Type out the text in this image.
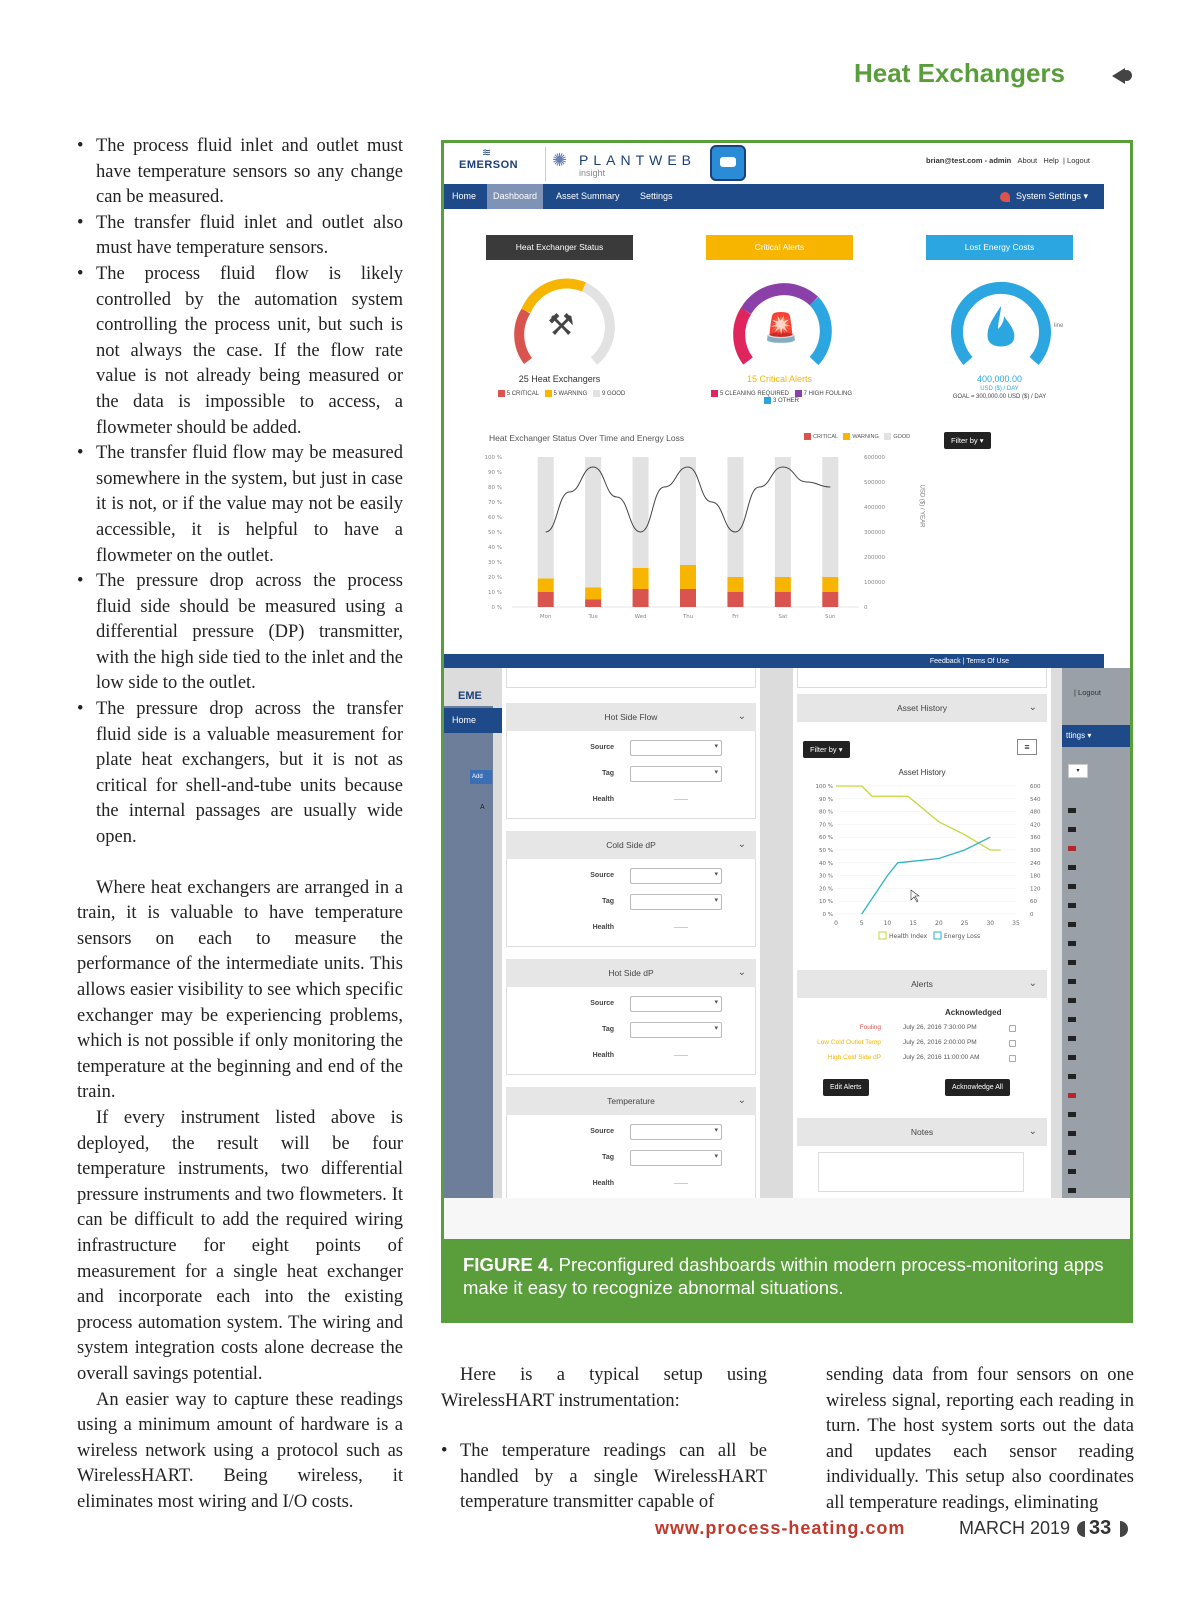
Heat Exchangers
• The process fluid inlet and outlet must have temperature sensors so any change can be measured.
• The transfer fluid inlet and outlet also must have temperature sensors.
• The process fluid flow is likely controlled by the automation system controlling the process unit, but such is not always the case. If the flow rate value is not already being measured or the data is impossible to access, a flowmeter should be added.
• The transfer fluid flow may be measured somewhere in the system, but just in case it is not, or if the value may not be easily accessible, it is helpful to have a flowmeter on the outlet.
• The pressure drop across the process fluid side should be measured using a differential pressure (DP) transmitter, with the high side tied to the inlet and the low side to the outlet.
• The pressure drop across the transfer fluid side is a valuable measurement for plate heat exchangers, but it is not as critical for shell-and-tube units because the internal passages are usually wide open.

Where heat exchangers are arranged in a train, it is valuable to have temperature sensors on each to measure the performance of the intermediate units. This allows easier visibility to see which specific exchanger may be experiencing problems, which is not possible if only monitoring the temperature at the beginning and end of the train.

If every instrument listed above is deployed, the result will be four temperature instruments, two differential pressure instruments and two flowmeters. It can be difficult to add the required wiring infrastructure for eight points of measurement for a single heat exchanger and incorporate each into the existing process automation system. The wiring and system integration costs alone decrease the overall savings potential.

An easier way to capture these readings using a minimum amount of hardware is a wireless network using a protocol such as WirelessHART. Being wireless, it eliminates most wiring and I/O costs.

≋
EMERSON ✺ PLANTWEB
insight
brian@test.com - admin About Help  | Logout
Home	Dashboard	Asset Summary	Settings	System Settings ▾
Heat Exchanger Status	Critical Alerts	Lost Energy Costs
⚒	🚨	line
25 Heat Exchangers	15 Critical Alerts	400,000.00
5 CRITICAL 5 WARNING 9 GOOD	5 CLEANING REQUIRED 7 HIGH FOULING
3 OTHER
USD ($) / DAY
GOAL = 300,000.00 USD ($) / DAY
Heat Exchanger Status Over Time and Energy Loss	CRITICAL	WARNING	GOOD	Filter by ▾
0 %
10 %
20 %
30 %
40 %
50 %
60 %
70 %
80 %
90 %
100 %
0
100000
200000
300000
400000
500000
600000
Mon	Tue	Wed	Thu	Fri	Sat	Sun
USD ($) / YEAR
Feedback | Terms Of Use
EME
Home
Add
A
| Logout
ttings ▾
▾
Hot Side Flow	⌄
Source
▾
Tag
▾
Health	——
Cold Side dP	⌄
Source
▾
Tag
▾
Health	——
Hot Side dP	⌄
Source
▾
Tag
▾
Health	——
Temperature	⌄
Source
▾
Tag
▾
Health	——
Asset History	⌄
Filter by ▾	≡
Asset History
Alerts	⌄
Acknowledged
Fouling	July 26, 2016 7:30:00 PM
Low Cold Outlet Temp	July 26, 2016 2:00:00 PM
High Cold Side dP	July 26, 2016 11:00:00 AM
Edit Alerts	Acknowledge All
Notes	⌄
0 %
10 %
20 %
30 %
40 %
50 %
60 %
70 %
80 %
90 %
100 %
0
60
120
180
240
300
360
420
480
540
600
0	5	10	15	20	25	30	35
Health Index	Energy Loss
FIGURE 4. Preconfigured dashboards within modern process-monitoring apps make it easy to recognize abnormal situations.

Here is a typical setup using WirelessHART instrumentation:

• The temperature readings can all be handled by a single WirelessHART temperature transmitter capable of

sending data from four sensors on one wireless signal, reporting each reading in turn. The host system sorts out the data and updates each sensor reading individually. This setup also coordinates all temperature readings, eliminating

www.process-heating.com	MARCH 2019 33
